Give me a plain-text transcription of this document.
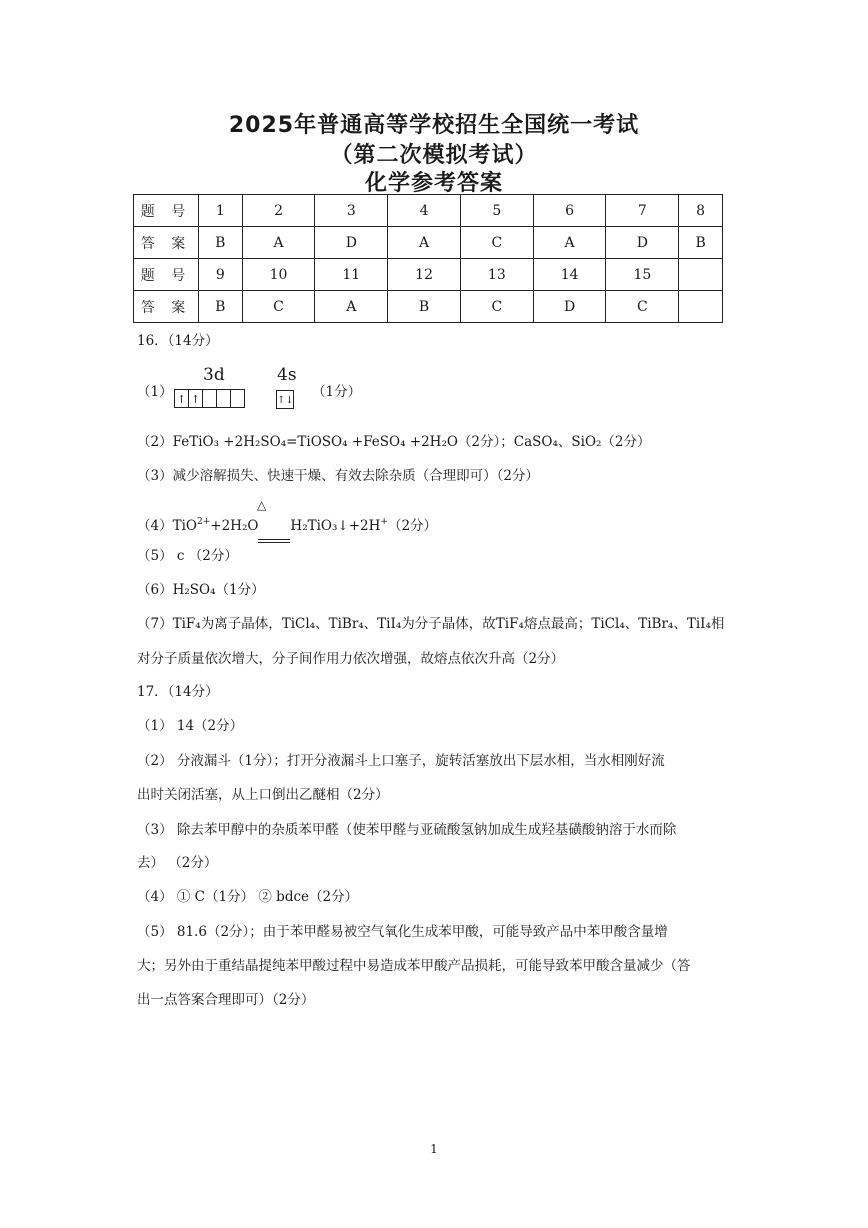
2025年普通高等学校招生全国统一考试
（第二次模拟考试）
化学参考答案
题 号	1	2	3	4	5	6	7	8
答 案	B	A	D	A	C	A	D	B
题 号	9	10	11	12	13	14	15	
答 案	B	C	A	B	C	D	C	
16．（14分）
（1）
3d	4s
↑ ↑	↑↓
（1分）
（2）FeTiO₃ +2H₂SO₄=TiOSO₄ +FeSO₄ +2H₂O（2分）；CaSO₄、SiO₂（2分）
（3）减少溶解损失、快速干燥、有效去除杂质（合理即可）（2分）
（4）TiO$^{2+}$+2H₂O H₂TiO₃↓+2H+（2分）
△
（5） c （2分）
（6）H₂SO₄（1分）
（7）TiF₄为离子晶体，TiCl₄、TiBr₄、TiI₄为分子晶体，故TiF₄熔点最高；TiCl₄、TiBr₄、TiI₄相
对分子质量依次增大，分子间作用力依次增强，故熔点依次升高（2分）
17．（14分）
（1） 14（2分）
（2） 分液漏斗（1分）；打开分液漏斗上口塞子，旋转活塞放出下层水相，当水相刚好流
出时关闭活塞，从上口倒出乙醚相（2分）
（3） 除去苯甲醇中的杂质苯甲醛（使苯甲醛与亚硫酸氢钠加成生成羟基磺酸钠溶于水而除
去） （2分）
（4） ① C（1分） ② bdce（2分）
（5） 81.6（2分）；由于苯甲醛易被空气氧化生成苯甲酸，可能导致产品中苯甲酸含量增
大；另外由于重结晶提纯苯甲酸过程中易造成苯甲酸产品损耗，可能导致苯甲酸含量减少（答
出一点答案合理即可）（2分）
1
